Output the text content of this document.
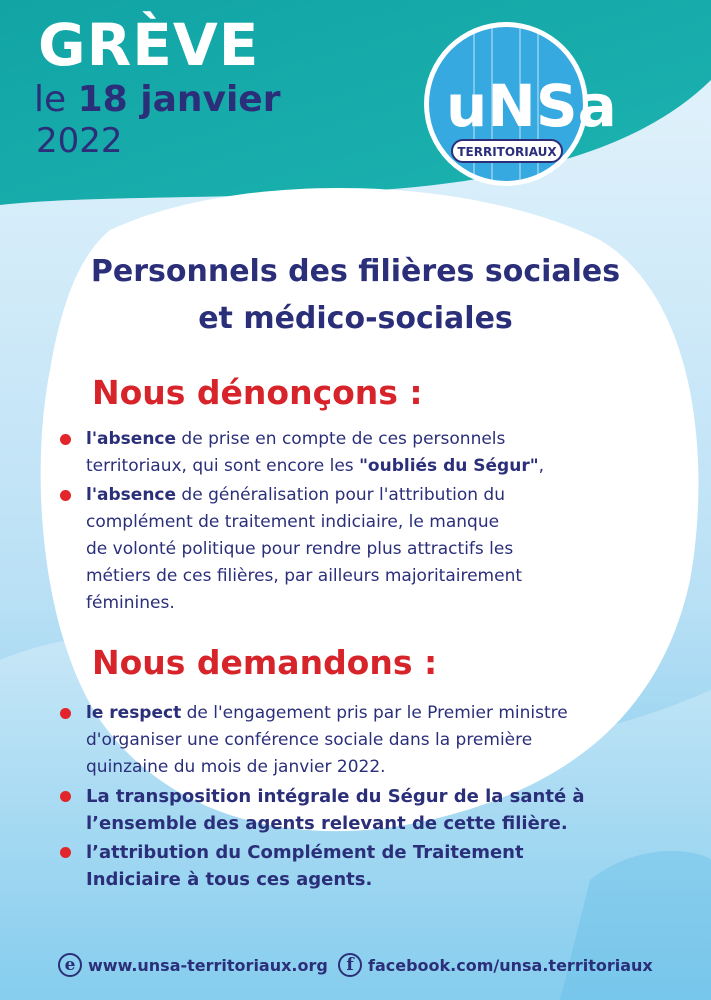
GRÈVE
le 18 janvier
2022
uNSa
TERRITORIAUX
Personnels des filières sociales
et médico-sociales
Nous dénonçons :
l'absence de prise en compte de ces personnels
territoriaux, qui sont encore les "oubliés du Ségur",
l'absence de généralisation pour l'attribution du
complément de traitement indiciaire, le manque
de volonté politique pour rendre plus attractifs les
métiers de ces filières, par ailleurs majoritairement
féminines.
Nous demandons :
le respect de l'engagement pris par le Premier ministre
d'organiser une conférence sociale dans la première
quinzaine du mois de janvier 2022.
La transposition intégrale du Ségur de la santé à
l’ensemble des agents relevant de cette filière.
l’attribution du Complément de Traitement
Indiciaire à tous ces agents.
e www.unsa-territoriaux.org	f facebook.com/unsa.territoriaux
